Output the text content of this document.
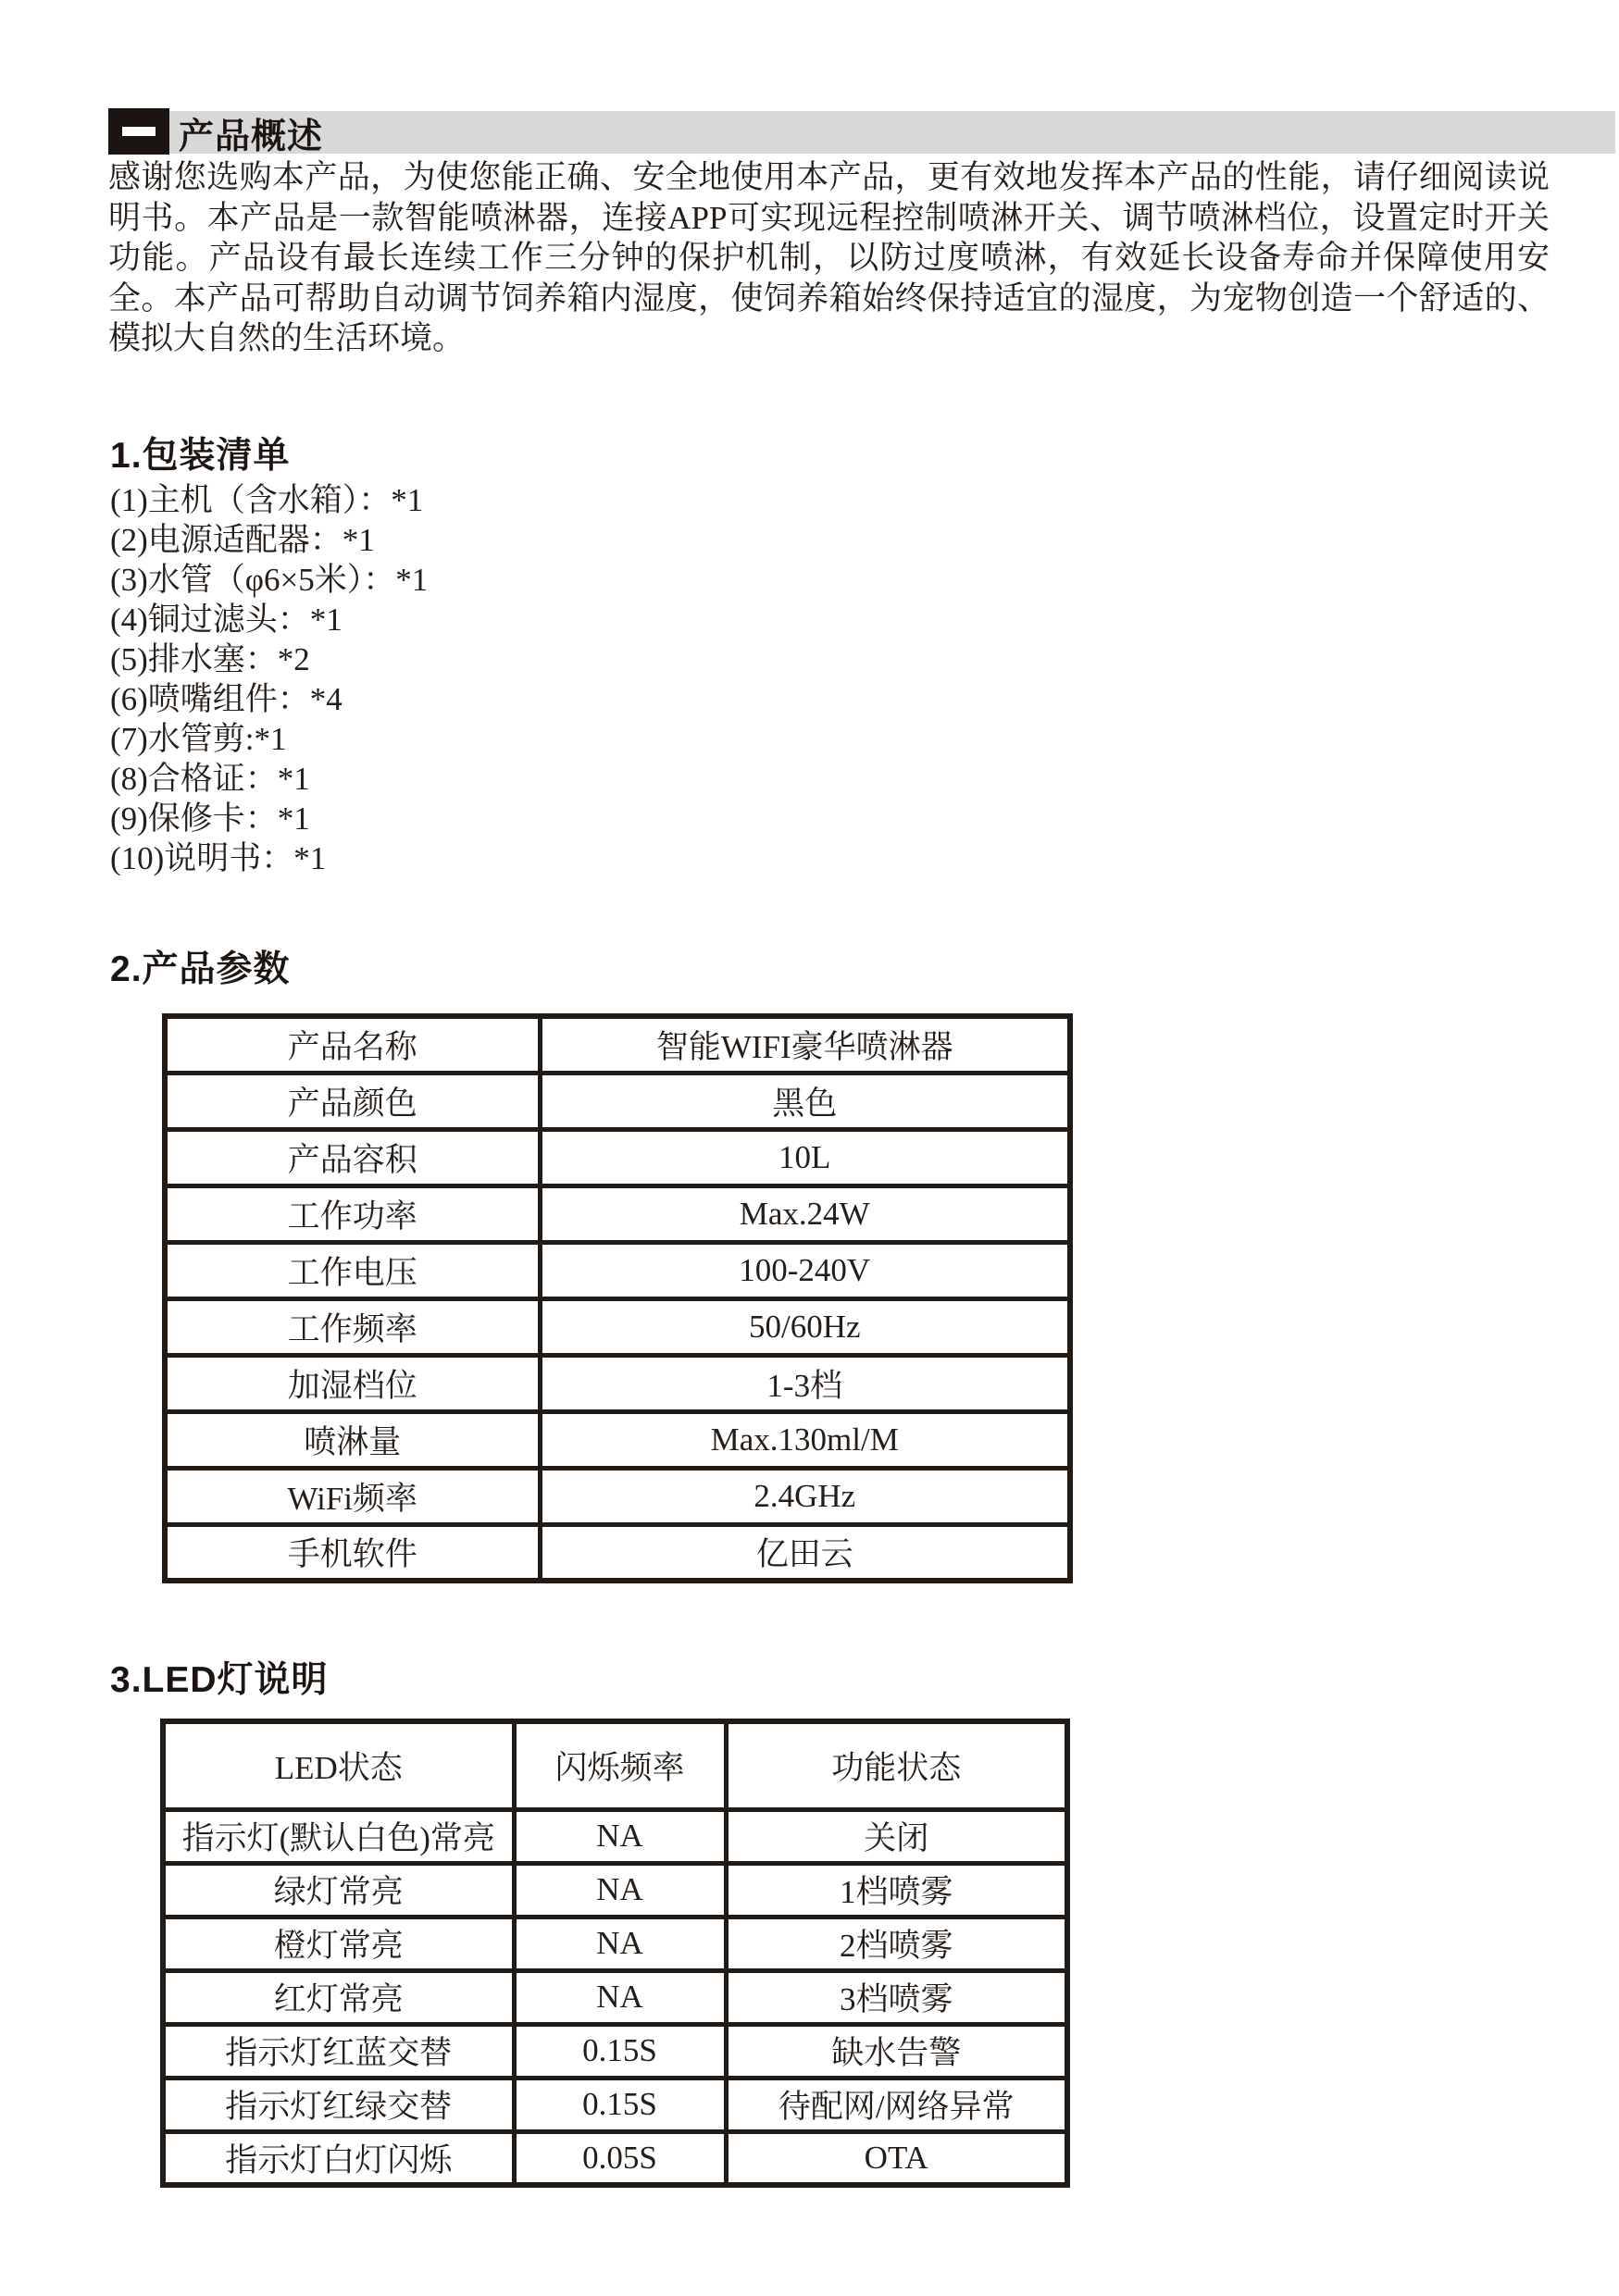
产品概述

感谢您选购本产品，为使您能正确、安全地使用本产品，更有效地发挥本产品的性能，请仔细阅读说明书。本产品是一款智能喷淋器，连接APP可实现远程控制喷淋开关、调节喷淋档位，设置定时开关功能。产品设有最长连续工作三分钟的保护机制，以防过度喷淋，有效延长设备寿命并保障使用安全。本产品可帮助自动调节饲养箱内湿度，使饲养箱始终保持适宜的湿度，为宠物创造一个舒适的、模拟大自然的生活环境。

1.包装清单
(1)主机（含水箱）：*1
(2)电源适配器：*1
(3)水管（φ6×5米）：*1
(4)铜过滤头：*1
(5)排水塞：*2
(6)喷嘴组件：*4
(7)水管剪:*1
(8)合格证：*1
(9)保修卡：*1
(10)说明书：*1
2.产品参数
产品名称	智能WIFI豪华喷淋器
产品颜色	黑色
产品容积	10L
工作功率	Max.24W
工作电压	100-240V
工作频率	50/60Hz
加湿档位	1-3档
喷淋量	Max.130ml/M
WiFi频率	2.4GHz
手机软件	亿田云
3.LED灯说明
LED状态	闪烁频率	功能状态
指示灯(默认白色)常亮	NA	关闭
绿灯常亮	NA	1档喷雾
橙灯常亮	NA	2档喷雾
红灯常亮	NA	3档喷雾
指示灯红蓝交替	0.15S	缺水告警
指示灯红绿交替	0.15S	待配网/网络异常
指示灯白灯闪烁	0.05S	OTA
